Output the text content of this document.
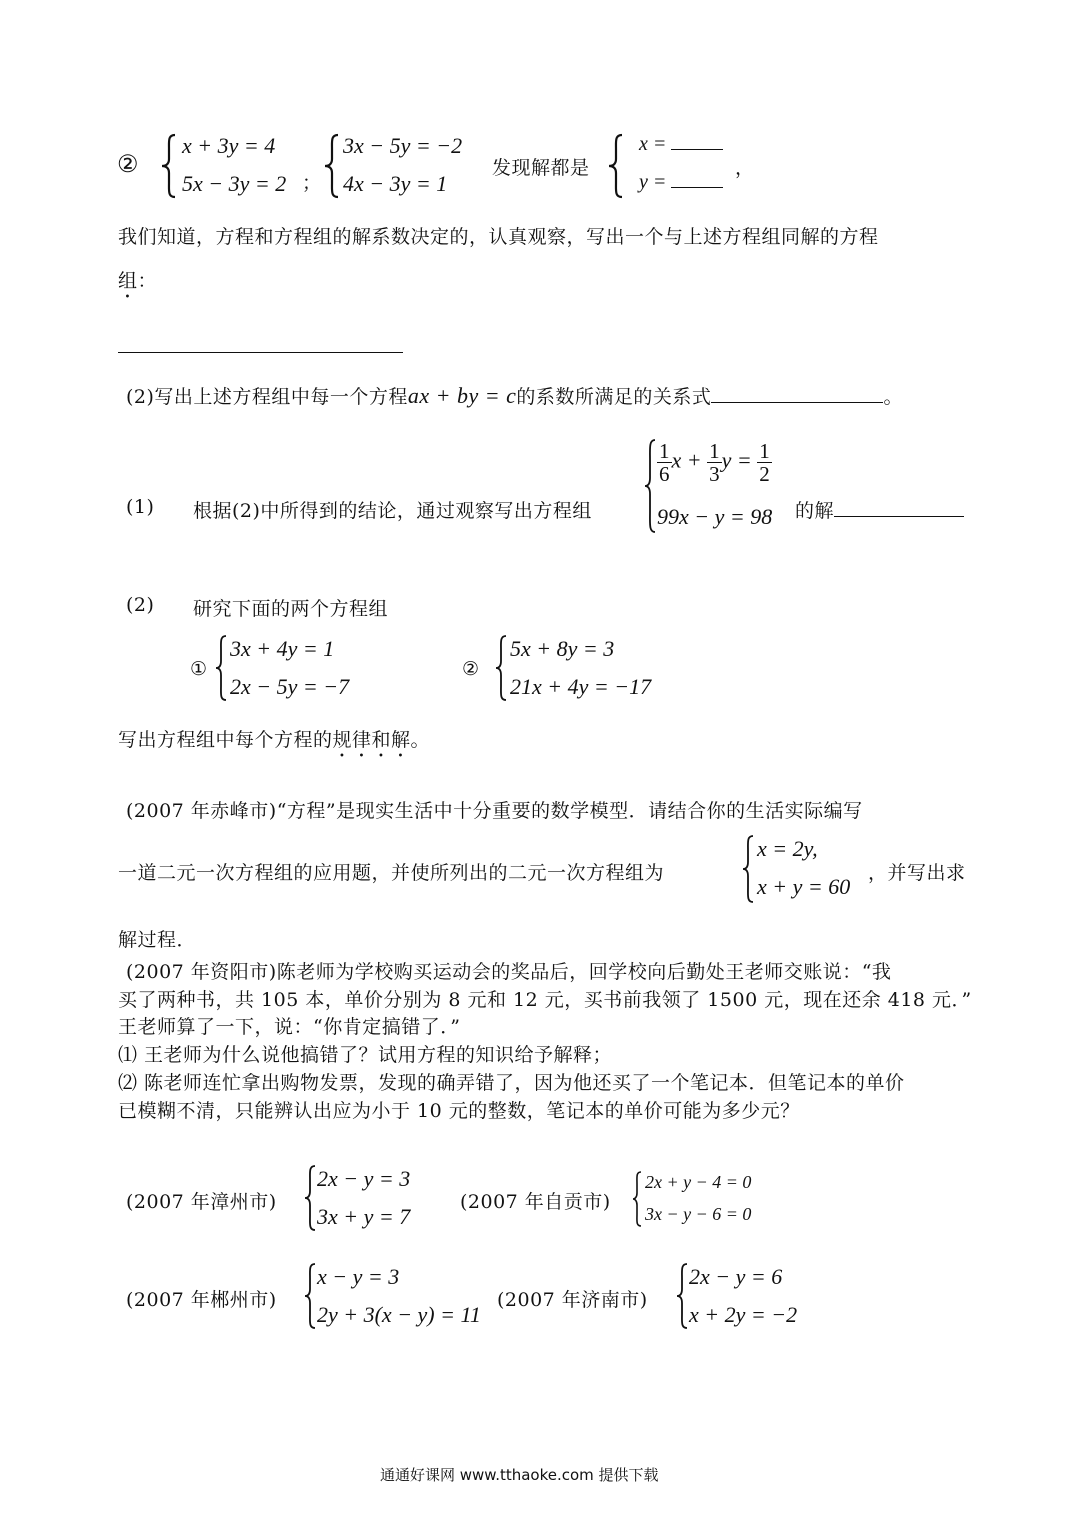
②
x + 3y = 4
5x − 3y = 2 ；
3x − 5y = −2
4x − 3y = 1
发现解都是
x =
y =
，
我们知道，方程和方程组的解系数决定的，认真观察，写出一个与上述方程组同解的方程
组：
(2)写出上述方程组中每一个方程ax + by = c的系数所满足的关系式	。
(1) 根据(2)中所得到的结论，通过观察写出方程组
$\frac{1}{6}$ $x + \frac{1}{3}$ $y = \frac{1}{2}$
99x − y = 98 的解
(2) 研究下面的两个方程组
①
3x + 4y = 1
2x − 5y = −7
②
5x + 8y = 3
21x + 4y = −17
写出方程组中每个方程的规律和解。
(2007 年赤峰市)“方程”是现实生活中十分重要的数学模型．请结合你的生活实际编写
一道二元一次方程组的应用题，并使所列出的二元一次方程组为
x = 2y,
x + y = 60
，并写出求
解过程．
(2007 年资阳市)陈老师为学校购买运动会的奖品后，回学校向后勤处王老师交账说：“我
买了两种书，共 105 本，单价分别为 8 元和 12 元，买书前我领了 1500 元，现在还余 418 元．”
王老师算了一下，说：“你肯定搞错了．”
⑴ 王老师为什么说他搞错了？试用方程的知识给予解释；
⑵ 陈老师连忙拿出购物发票，发现的确弄错了，因为他还买了一个笔记本．但笔记本的单价
已模糊不清，只能辨认出应为小于 10 元的整数，笔记本的单价可能为多少元？
(2007 年漳州市)
2x − y = 3
3x + y = 7
(2007 年自贡市)
2x + y − 4 = 0
3x − y − 6 = 0
(2007 年郴州市)
x − y = 3
2y + 3(x − y) = 11
(2007 年济南市)
2x − y = 6
x + 2y = −2
通通好课网 www.tthaoke.com 提供下载
